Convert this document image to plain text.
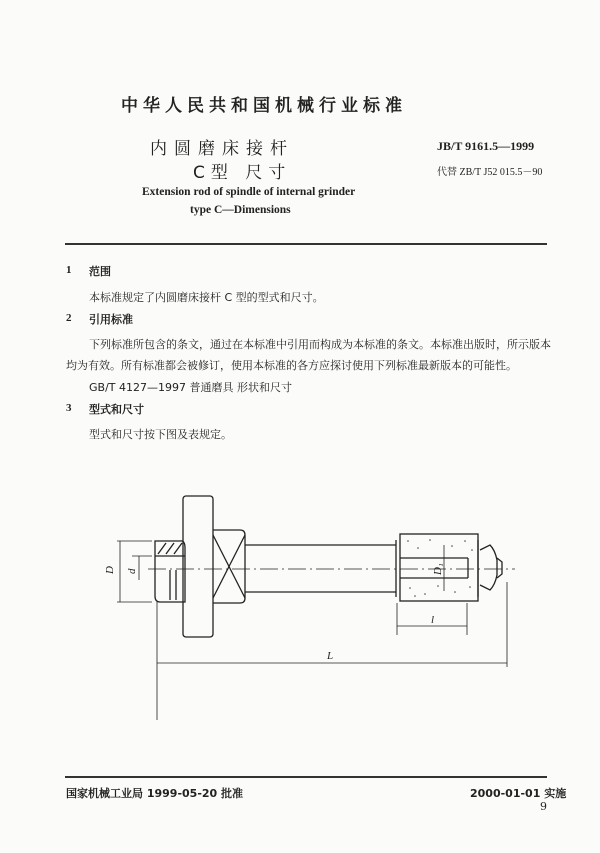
中华人民共和国机械行业标准
内圆磨床接杆
C型 尺寸
JB/T 9161.5—1999
代替 ZB/T J52 015.5－90
Extension rod of spindle of internal grinder
type C—Dimensions
1 范围
本标准规定了内圆磨床接杆 C 型的型式和尺寸。
2 引用标准
下列标准所包含的条文，通过在本标准中引用而构成为本标准的条文。本标准出版时，所示版本
均为有效。所有标准都会被修订，使用本标准的各方应探讨使用下列标准最新版本的可能性。
GB/T 4127—1997 普通磨具 形状和尺寸
3 型式和尺寸
型式和尺寸按下图及表规定。
D d	D₁
l
L
国家机械工业局 1999-05-20 批准	2000-01-01 实施
9
